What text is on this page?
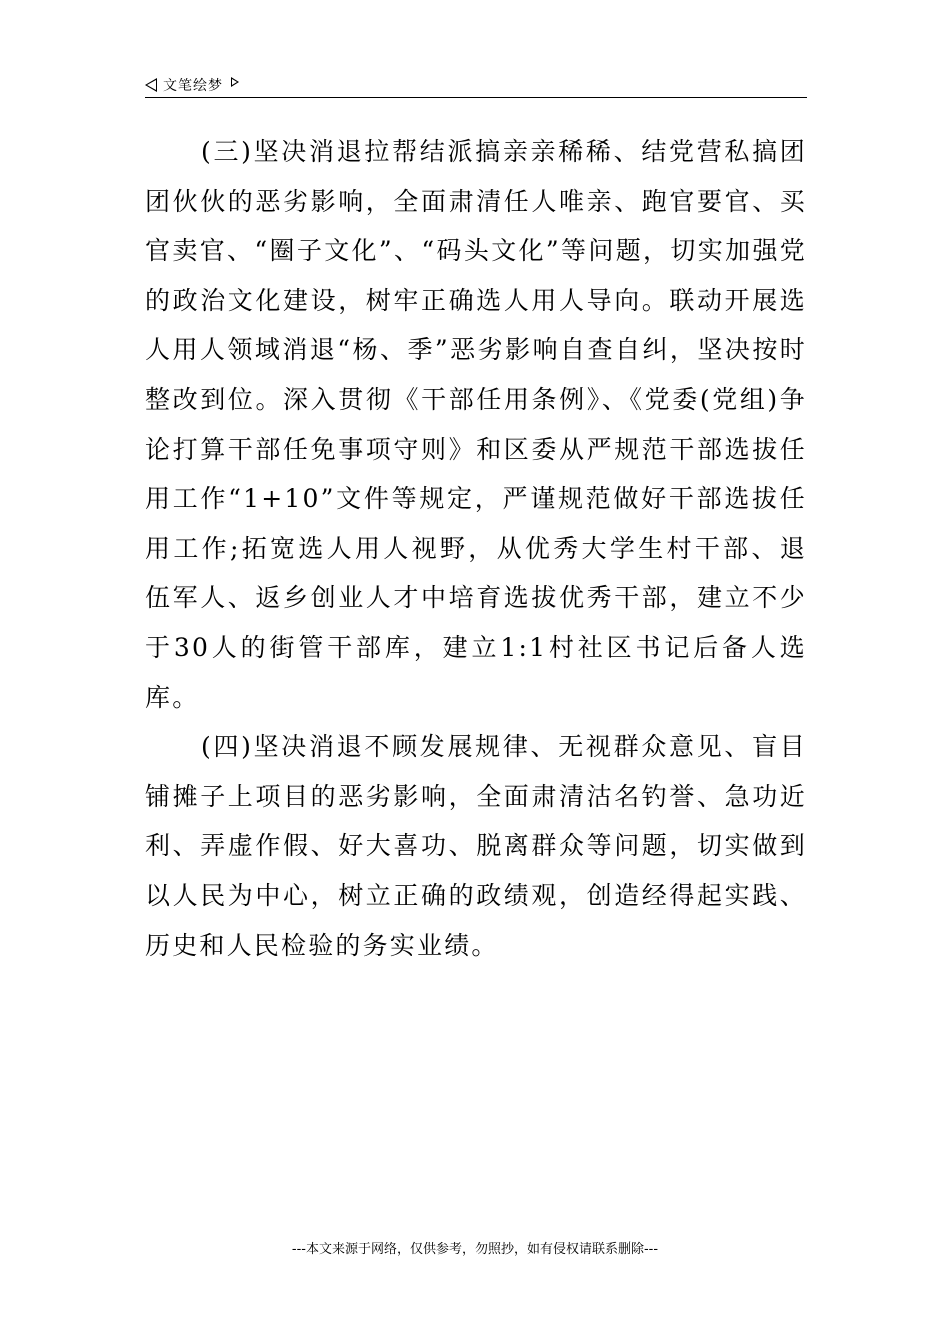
文笔绘梦

(三)坚决消退拉帮结派搞亲亲稀稀、结党营私搞团团伙伙的恶劣影响，全面肃清任人唯亲、跑官要官、买官卖官、“圈子文化”、“码头文化”等问题，切实加强党的政治文化建设，树牢正确选人用人导向。联动开展选人用人领域消退“杨、季”恶劣影响自查自纠，坚决按时整改到位。深入贯彻《干部任用条例》、《党委(党组)争论打算干部任免事项守则》和区委从严规范干部选拔任用工作“1+10”文件等规定，严谨规范做好干部选拔任用工作;拓宽选人用人视野，从优秀大学生村干部、退伍军人、返乡创业人才中培育选拔优秀干部，建立不少于30人的街管干部库，建立1:1村社区书记后备人选库。

(四)坚决消退不顾发展规律、无视群众意见、盲目铺摊子上项目的恶劣影响，全面肃清沽名钓誉、急功近利、弄虚作假、好大喜功、脱离群众等问题，切实做到以人民为中心，树立正确的政绩观，创造经得起实践、历史和人民检验的务实业绩。

---本文来源于网络，仅供参考，勿照抄，如有侵权请联系删除---
